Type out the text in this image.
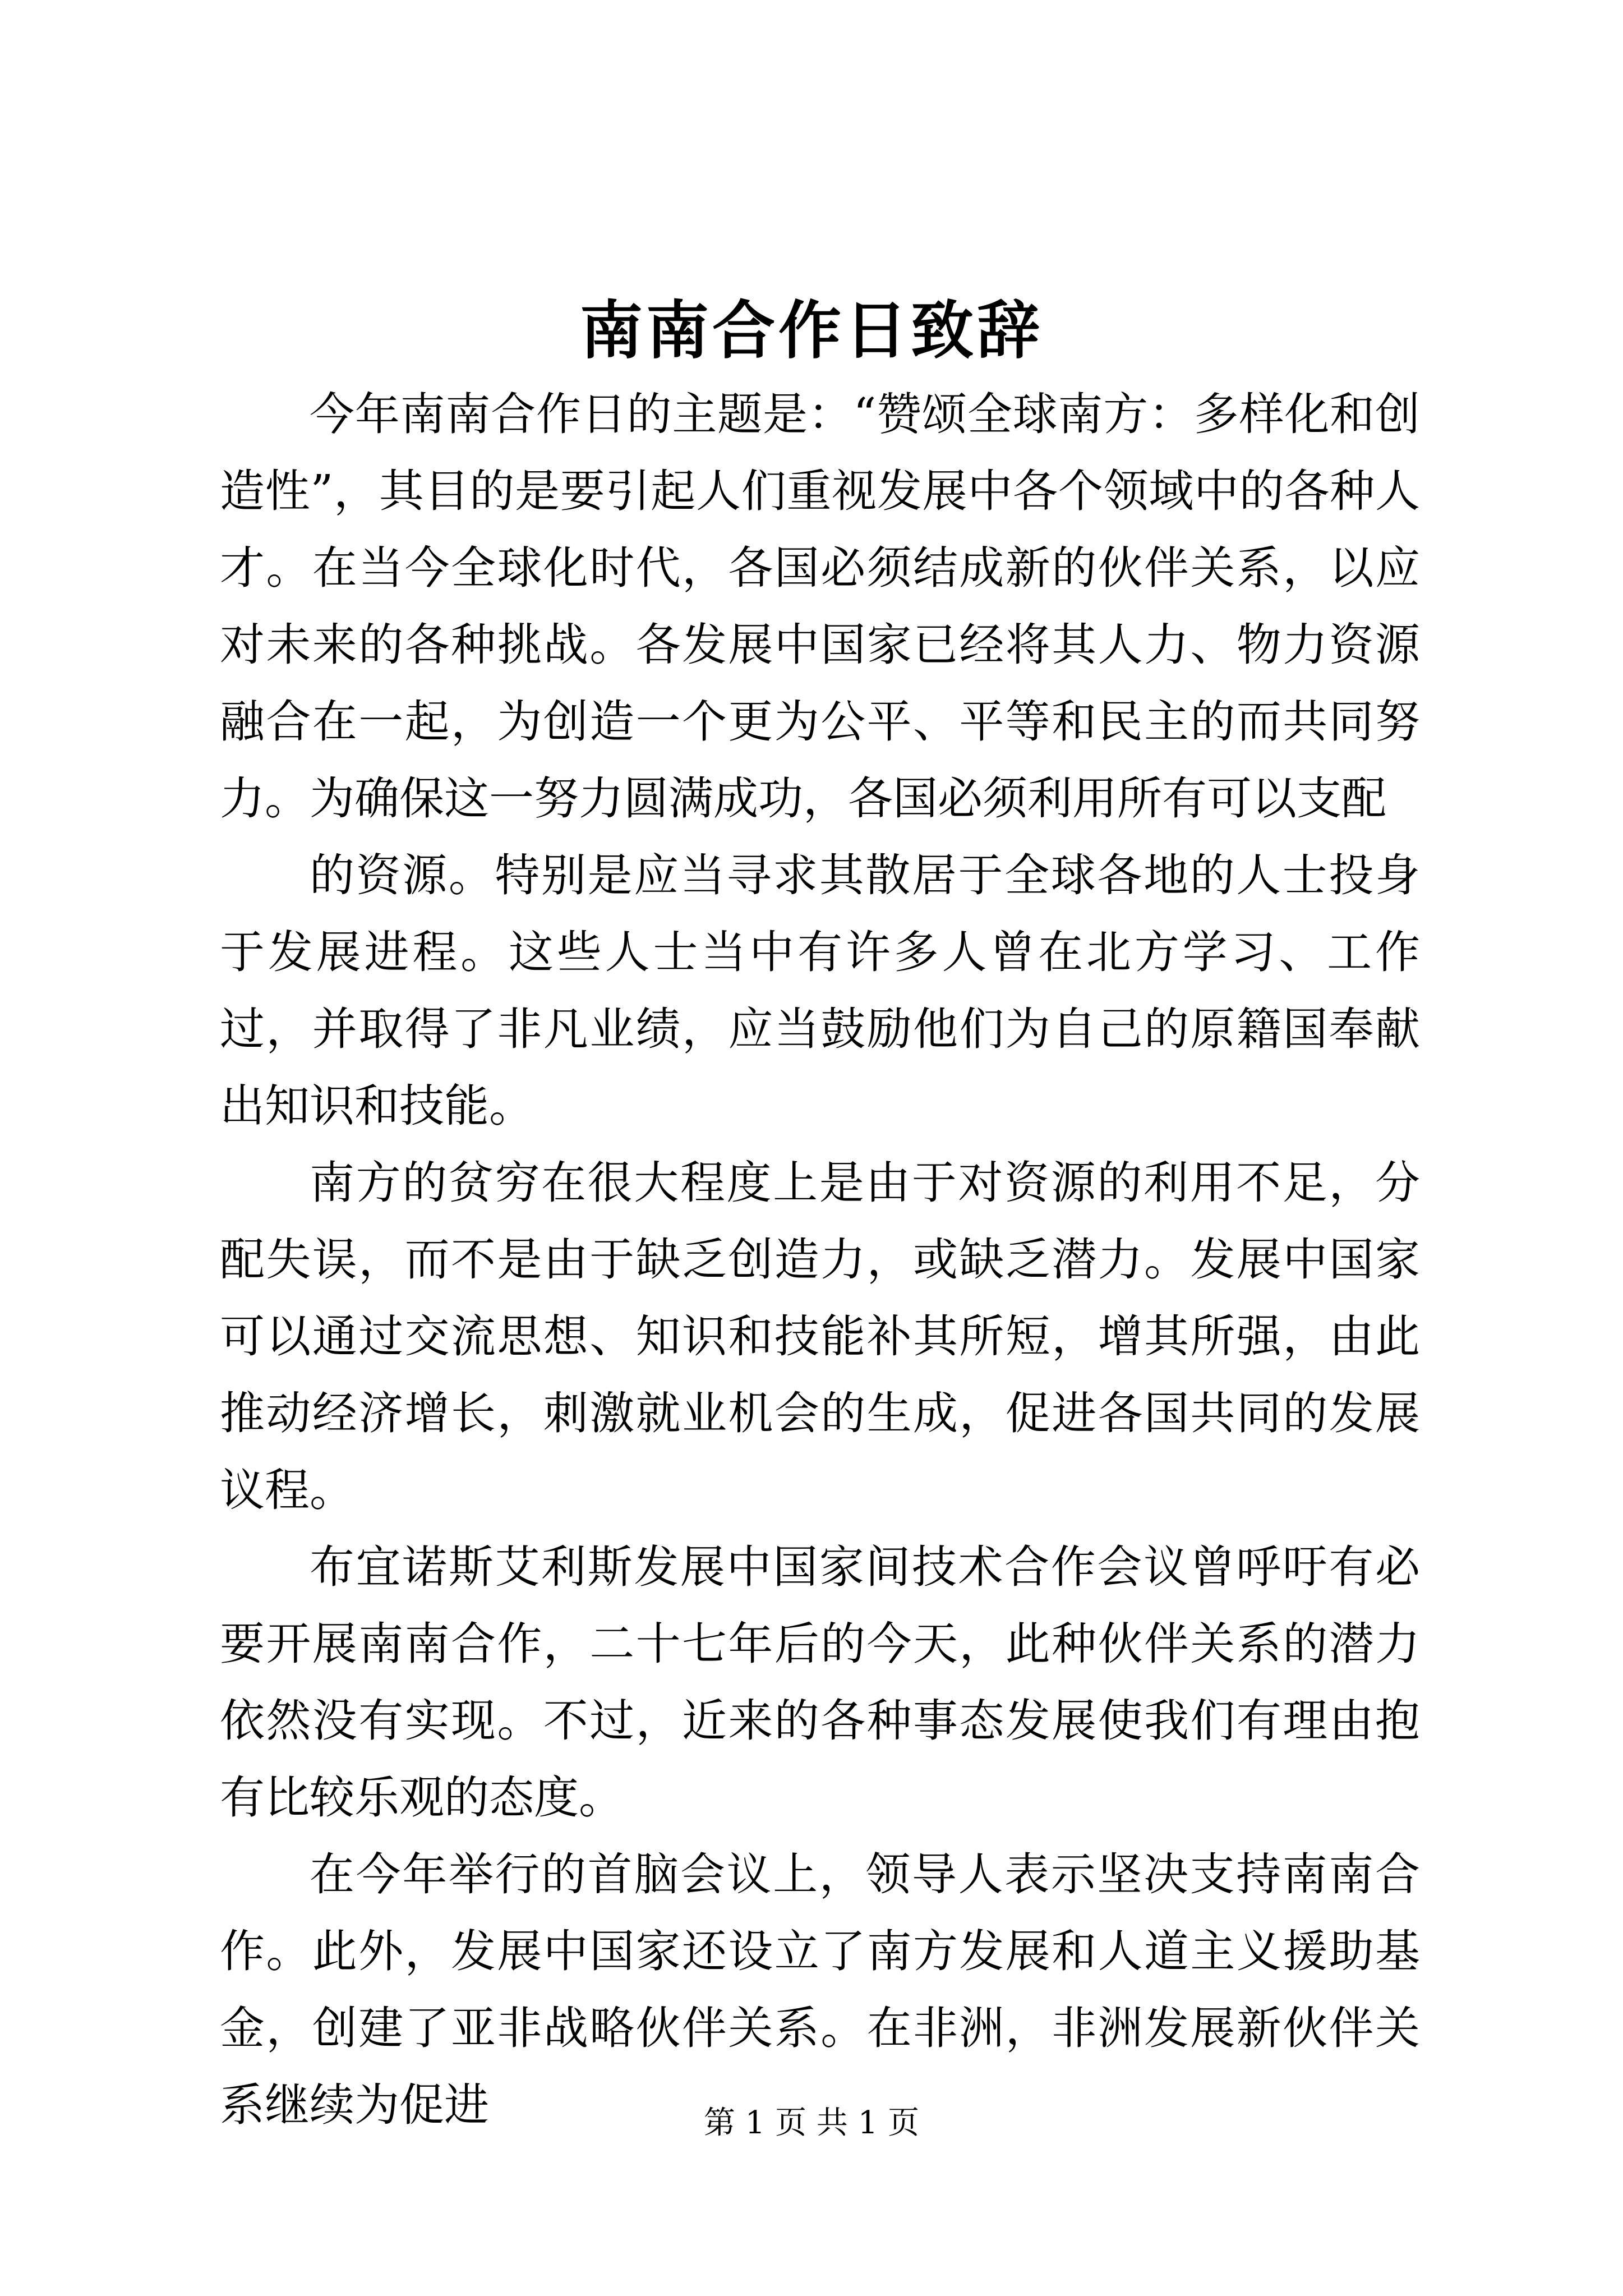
南南合作日致辞

今年南南合作日的主题是：“赞颂全球南方：多样化和创造性”，其目的是要引起人们重视发展中各个领域中的各种人才。在当今全球化时代，各国必须结成新的伙伴关系，以应对未来的各种挑战。各发展中国家已经将其人力、物力资源融合在一起，为创造一个更为公平、平等和民主的而共同努力。为确保这一努力圆满成功，各国必须利用所有可以支配

的资源。特别是应当寻求其散居于全球各地的人士投身于发展进程。这些人士当中有许多人曾在北方学习、工作过，并取得了非凡业绩，应当鼓励他们为自己的原籍国奉献出知识和技能。

南方的贫穷在很大程度上是由于对资源的利用不足，分配失误，而不是由于缺乏创造力，或缺乏潜力。发展中国家可以通过交流思想、知识和技能补其所短，增其所强，由此推动经济增长，刺激就业机会的生成，促进各国共同的发展议程。

布宜诺斯艾利斯发展中国家间技术合作会议曾呼吁有必要开展南南合作，二十七年后的今天，此种伙伴关系的潜力依然没有实现。不过，近来的各种事态发展使我们有理由抱有比较乐观的态度。

在今年举行的首脑会议上，领导人表示坚决支持南南合作。此外，发展中国家还设立了南方发展和人道主义援助基金，创建了亚非战略伙伴关系。在非洲，非洲发展新伙伴关系继续为促进	第 1 页 共 1 页
